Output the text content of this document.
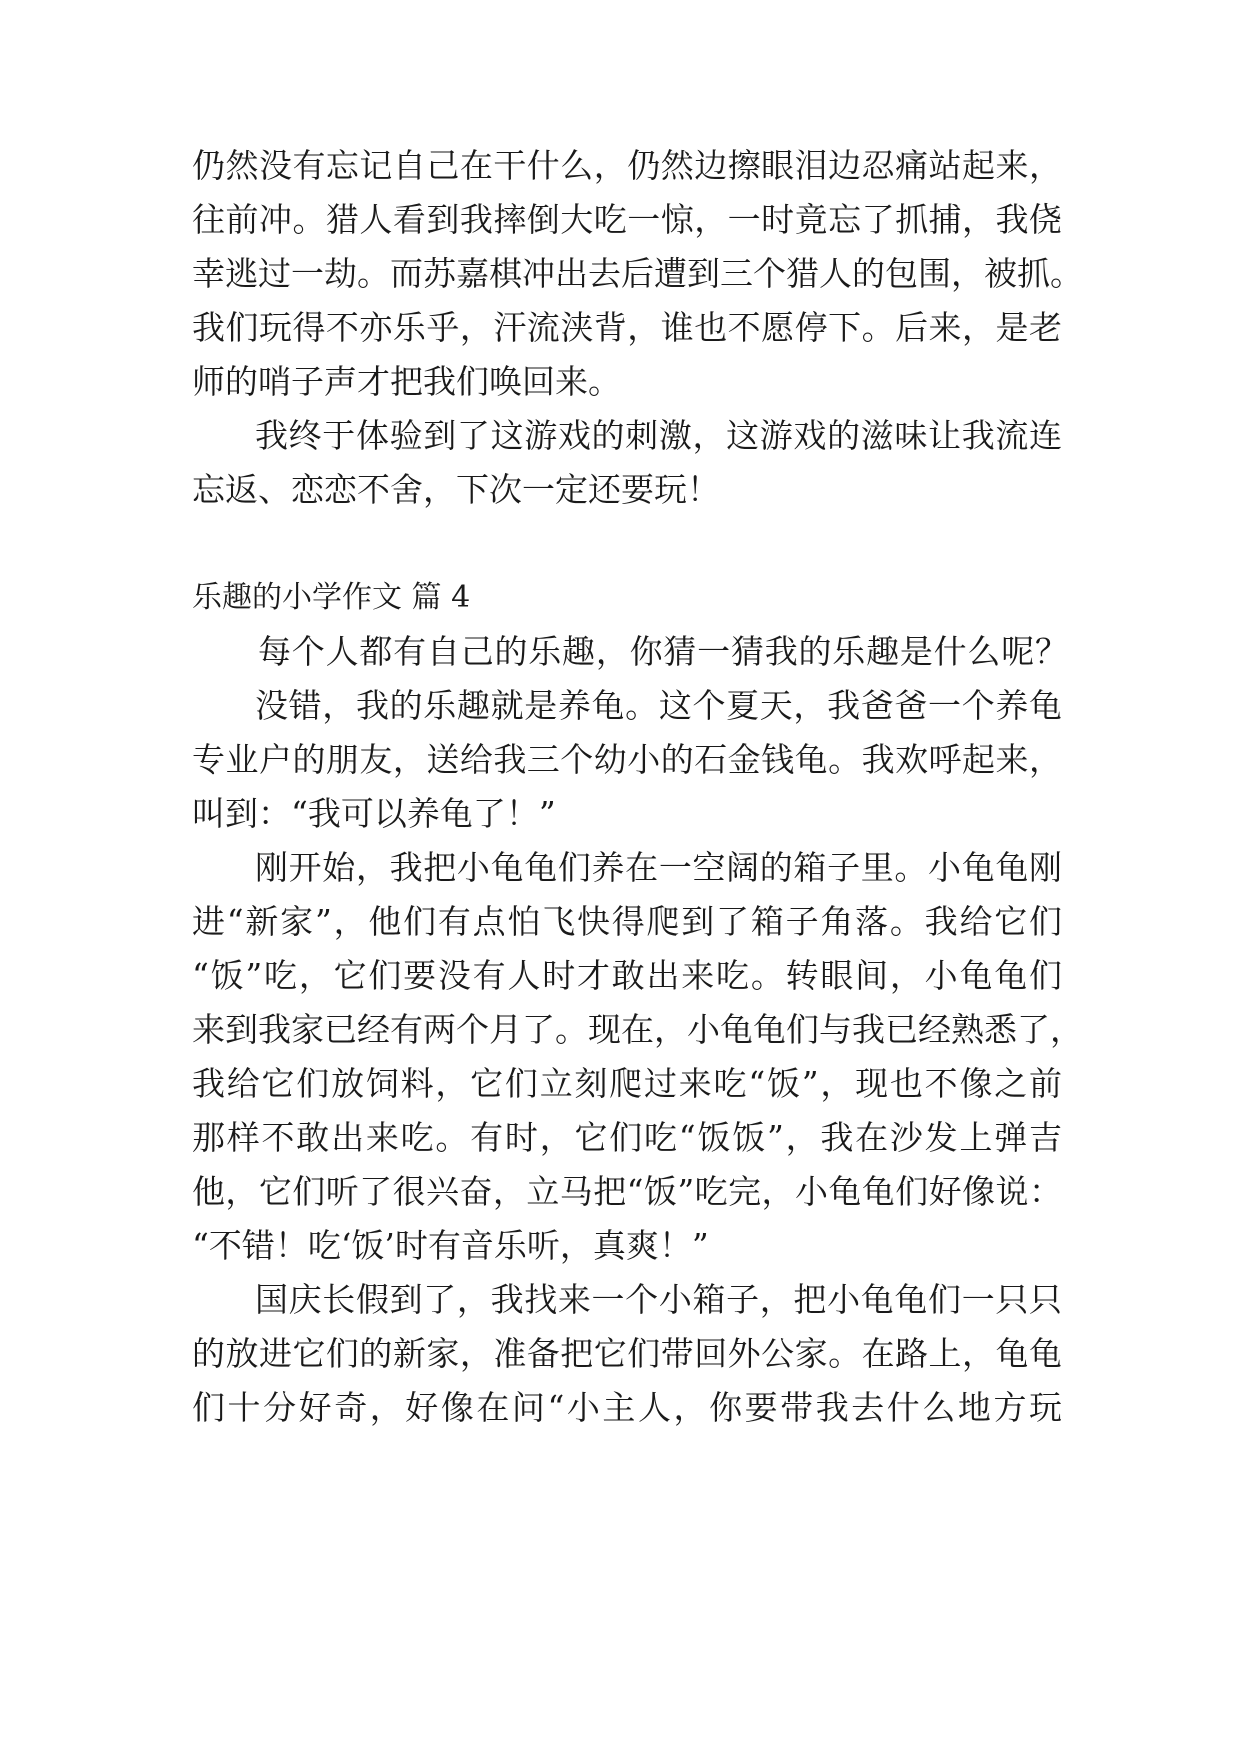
仍然没有忘记自己在干什么，仍然边擦眼泪边忍痛站起来，
往前冲。猎人看到我摔倒大吃一惊，一时竟忘了抓捕，我侥
幸逃过一劫。而苏嘉棋冲出去后遭到三个猎人的包围，被抓。
我们玩得不亦乐乎，汗流浃背，谁也不愿停下。后来，是老
师的哨子声才把我们唤回来。
我终于体验到了这游戏的刺激，这游戏的滋味让我流连
忘返、恋恋不舍，下次一定还要玩！
乐趣的小学作文 篇 4
每个人都有自己的乐趣，你猜一猜我的乐趣是什么呢？
没错，我的乐趣就是养龟。这个夏天，我爸爸一个养龟
专业户的朋友，送给我三个幼小的石金钱龟。我欢呼起来，
叫到：“我可以养龟了！”
刚开始，我把小龟龟们养在一空阔的箱子里。小龟龟刚
进“新家”，他们有点怕飞快得爬到了箱子角落。我给它们
“饭”吃，它们要没有人时才敢出来吃。转眼间，小龟龟们
来到我家已经有两个月了。现在，小龟龟们与我已经熟悉了，
我给它们放饲料，它们立刻爬过来吃“饭”，现也不像之前
那样不敢出来吃。有时，它们吃“饭饭”，我在沙发上弹吉
他，它们听了很兴奋，立马把“饭”吃完，小龟龟们好像说：
“不错！吃‘饭’时有音乐听，真爽！”
国庆长假到了，我找来一个小箱子，把小龟龟们一只只
的放进它们的新家，准备把它们带回外公家。在路上，龟龟
们十分好奇，好像在问“小主人，你要带我去什么地方玩
